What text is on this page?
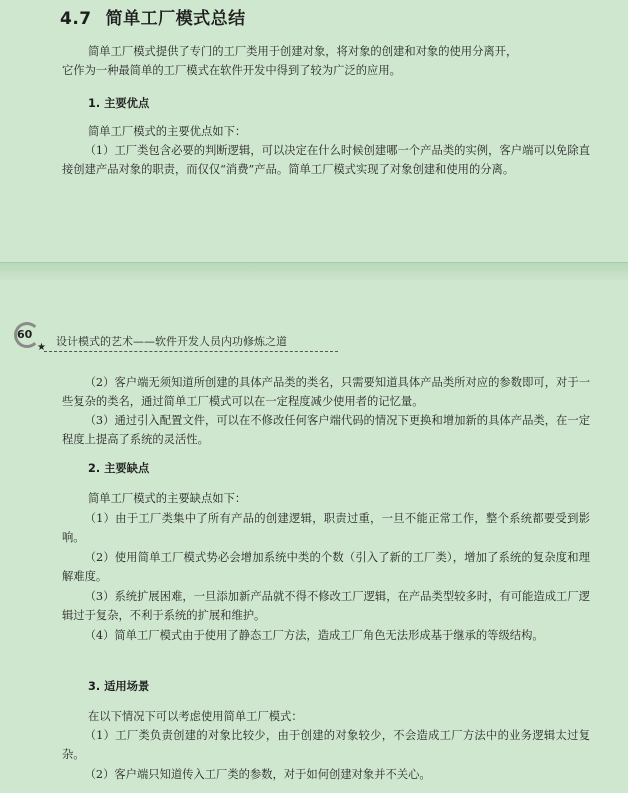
4.7 简单工厂模式总结

简单工厂模式提供了专门的工厂类用于创建对象，将对象的创建和对象的使用分离开，

它作为一种最简单的工厂模式在软件开发中得到了较为广泛的应用。

1. 主要优点

简单工厂模式的主要优点如下：

（1）工厂类包含必要的判断逻辑，可以决定在什么时候创建哪一个产品类的实例，客户端可以免除直接创建产品对象的职责，而仅仅“消费”产品。简单工厂模式实现了对象创建和使用的分离。

60
★ 设计模式的艺术——软件开发人员内功修炼之道

（2）客户端无须知道所创建的具体产品类的类名，只需要知道具体产品类所对应的参数即可，对于一些复杂的类名，通过简单工厂模式可以在一定程度减少使用者的记忆量。

（3）通过引入配置文件，可以在不修改任何客户端代码的情况下更换和增加新的具体产品类，在一定程度上提高了系统的灵活性。

2. 主要缺点

简单工厂模式的主要缺点如下：

（1）由于工厂类集中了所有产品的创建逻辑，职责过重，一旦不能正常工作，整个系统都要受到影响。

（2）使用简单工厂模式势必会增加系统中类的个数（引入了新的工厂类），增加了系统的复杂度和理解难度。

（3）系统扩展困难，一旦添加新产品就不得不修改工厂逻辑，在产品类型较多时，有可能造成工厂逻辑过于复杂，不利于系统的扩展和维护。

（4）简单工厂模式由于使用了静态工厂方法，造成工厂角色无法形成基于继承的等级结构。

3. 适用场景

在以下情况下可以考虑使用简单工厂模式：

（1）工厂类负责创建的对象比较少，由于创建的对象较少，不会造成工厂方法中的业务逻辑太过复杂。

（2）客户端只知道传入工厂类的参数，对于如何创建对象并不关心。
